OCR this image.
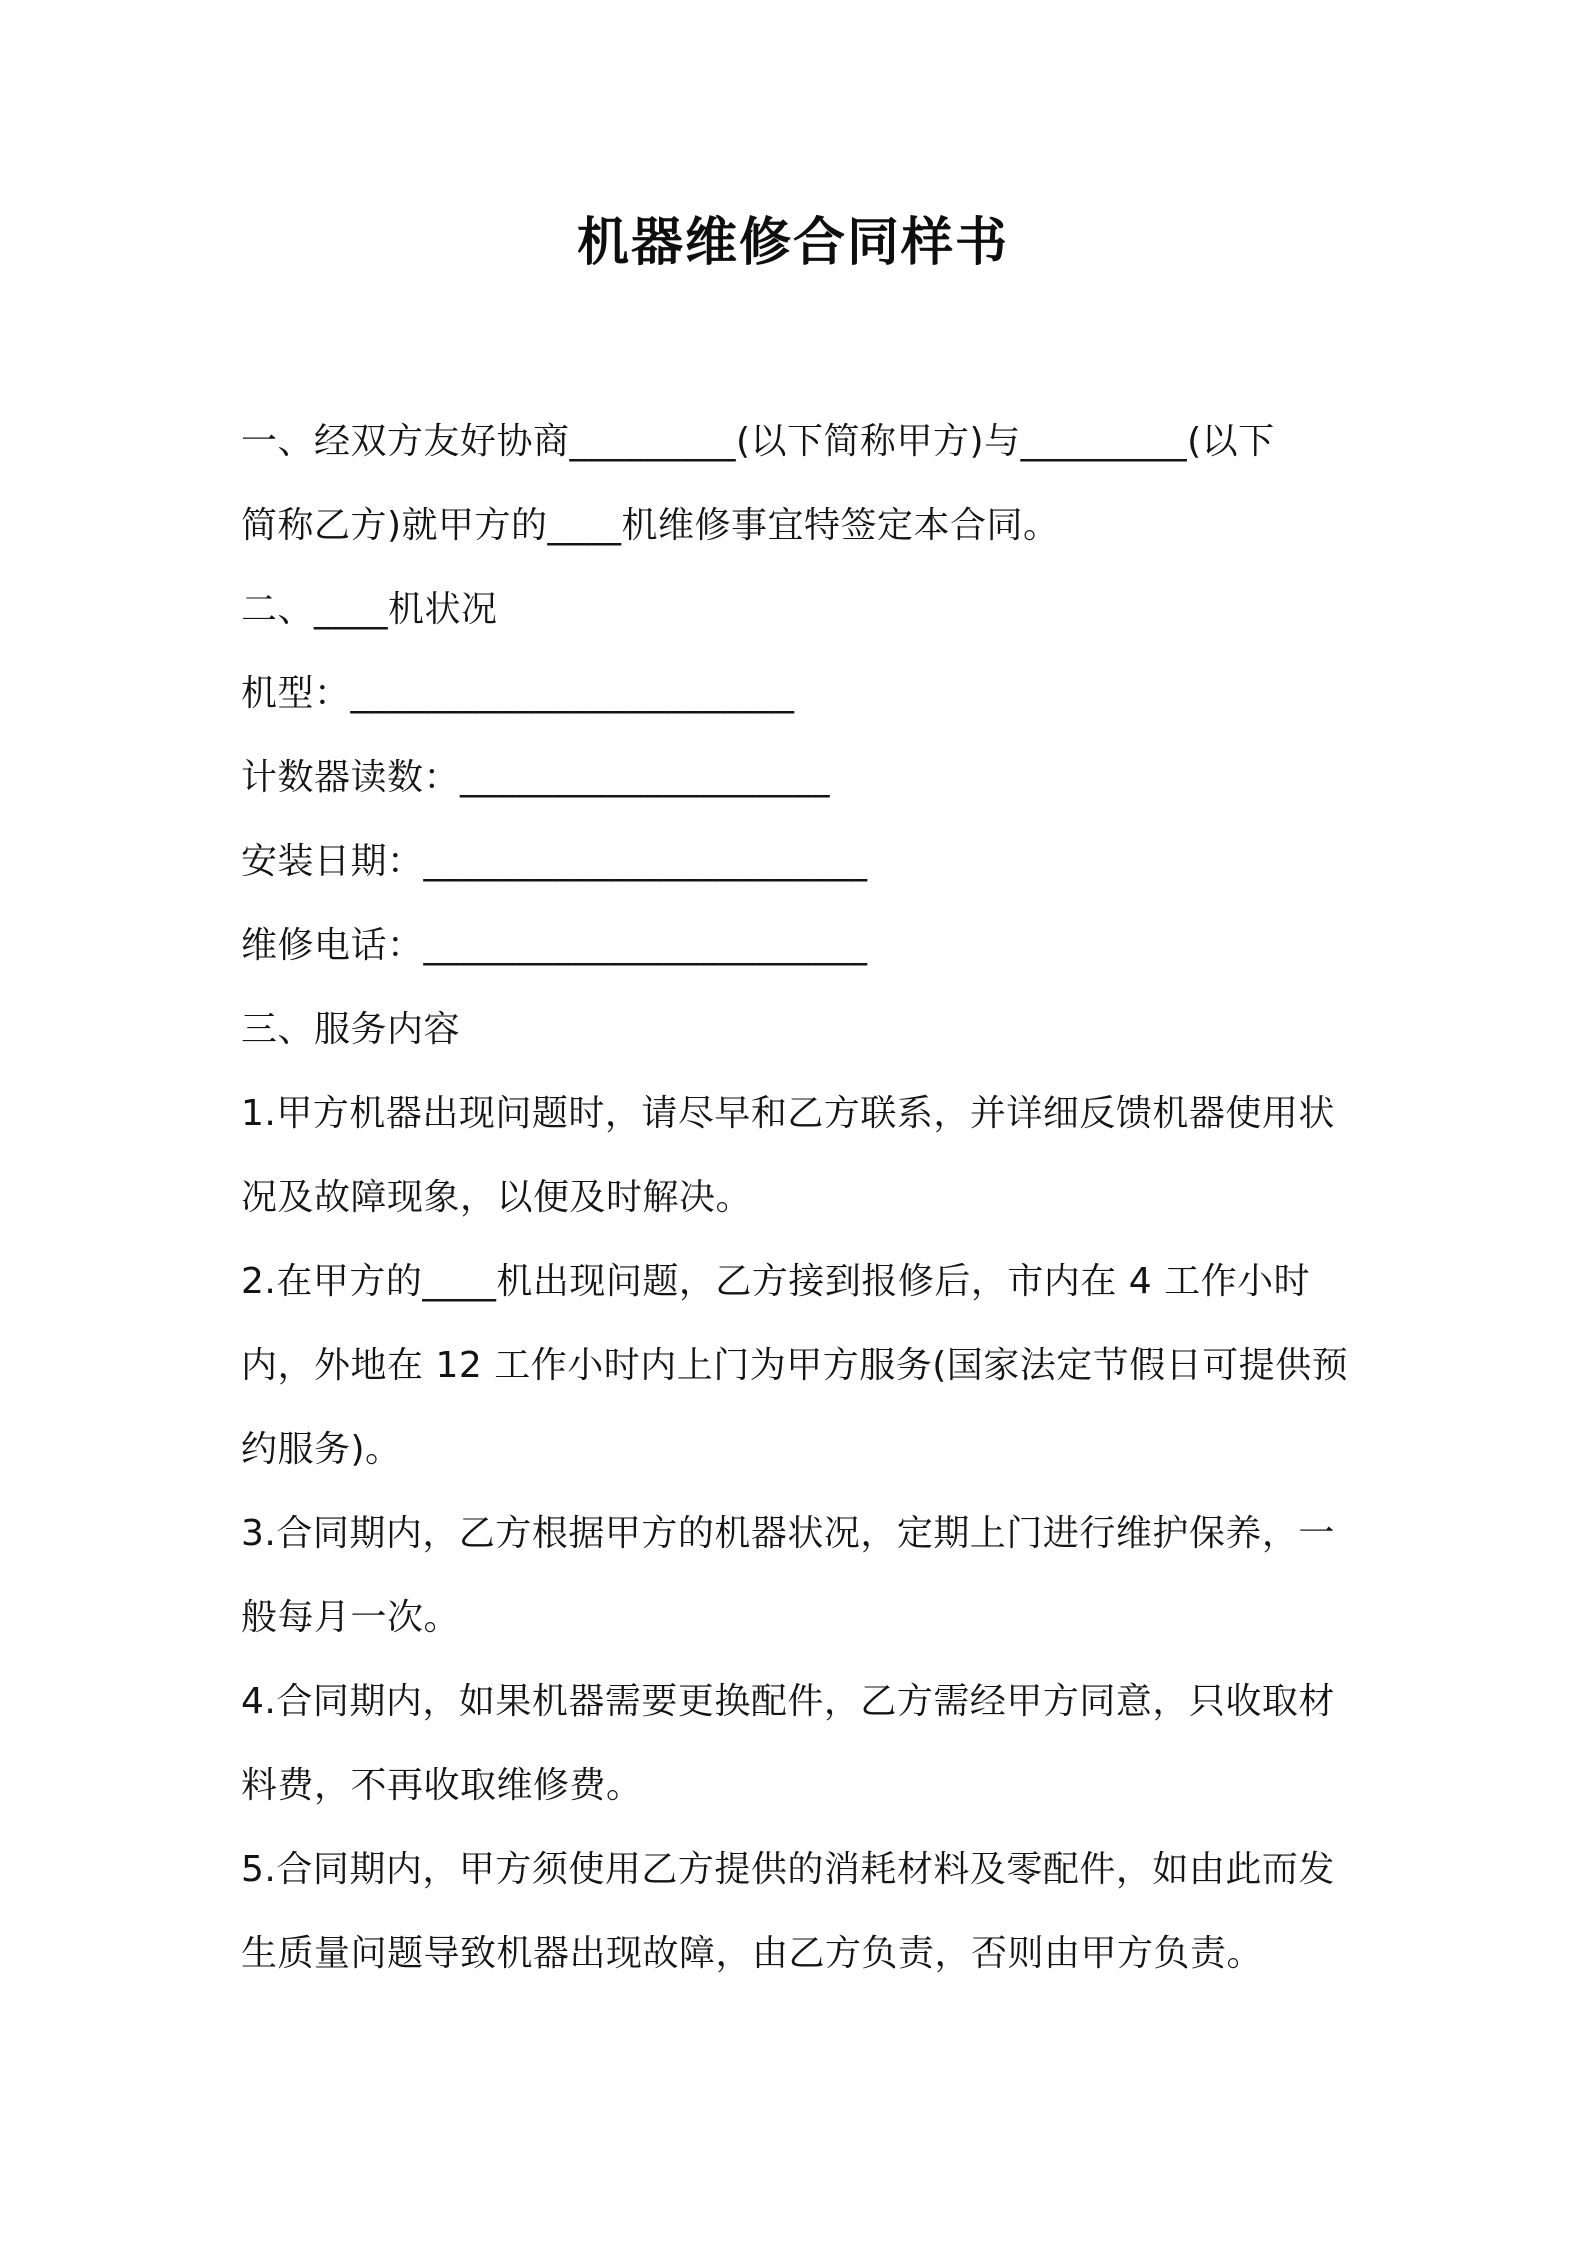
机器维修合同样书
一、经双方友好协商_________(以下简称甲方)与_________(以下
简称乙方)就甲方的____机维修事宜特签定本合同。
二、____机状况
机型：________________________
计数器读数：____________________
安装日期：________________________
维修电话：________________________
三、服务内容
1.甲方机器出现问题时，请尽早和乙方联系，并详细反馈机器使用状
况及故障现象，以便及时解决。
2.在甲方的____机出现问题，乙方接到报修后，市内在 4 工作小时
内，外地在 12 工作小时内上门为甲方服务(国家法定节假日可提供预
约服务)。
3.合同期内，乙方根据甲方的机器状况，定期上门进行维护保养，一
般每月一次。
4.合同期内，如果机器需要更换配件，乙方需经甲方同意，只收取材
料费，不再收取维修费。
5.合同期内，甲方须使用乙方提供的消耗材料及零配件，如由此而发
生质量问题导致机器出现故障，由乙方负责，否则由甲方负责。
